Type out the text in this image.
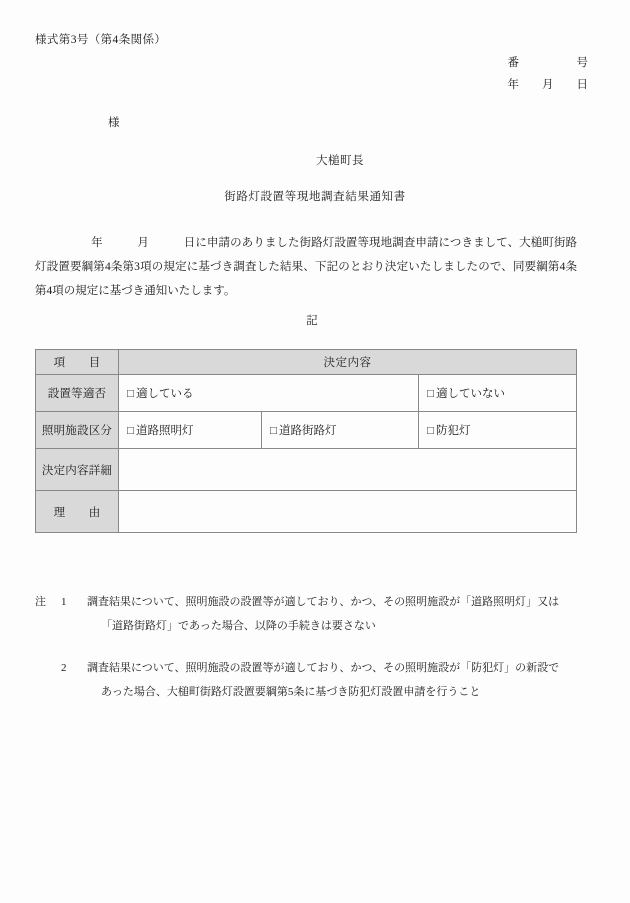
様式第3号（第4条関係）
番　　　　　号
年　　月　　日
様
大槌町長
街路灯設置等現地調査結果通知書
年　　　月　　　日に申請のありました街路灯設置等現地調査申請につきまして、大槌町街路灯設置要綱第4条第3項の規定に基づき調査した結果、下記のとおり決定いたしましたので、同要綱第4条第4項の規定に基づき通知いたします。
記
項　　目	決定内容		
設置等適否	□ 適している		□ 適していない
照明施設区分	□ 道路照明灯	□ 道路街路灯	□ 防犯灯
決定内容詳細			
理　　由			
注	1	調査結果について、照明施設の設置等が適しており、かつ、その照明施設が「道路照明灯」又は
「道路街路灯」であった場合、以降の手続きは要さない
2	調査結果について、照明施設の設置等が適しており、かつ、その照明施設が「防犯灯」の新設で
あった場合、大槌町街路灯設置要綱第5条に基づき防犯灯設置申請を行うこと
